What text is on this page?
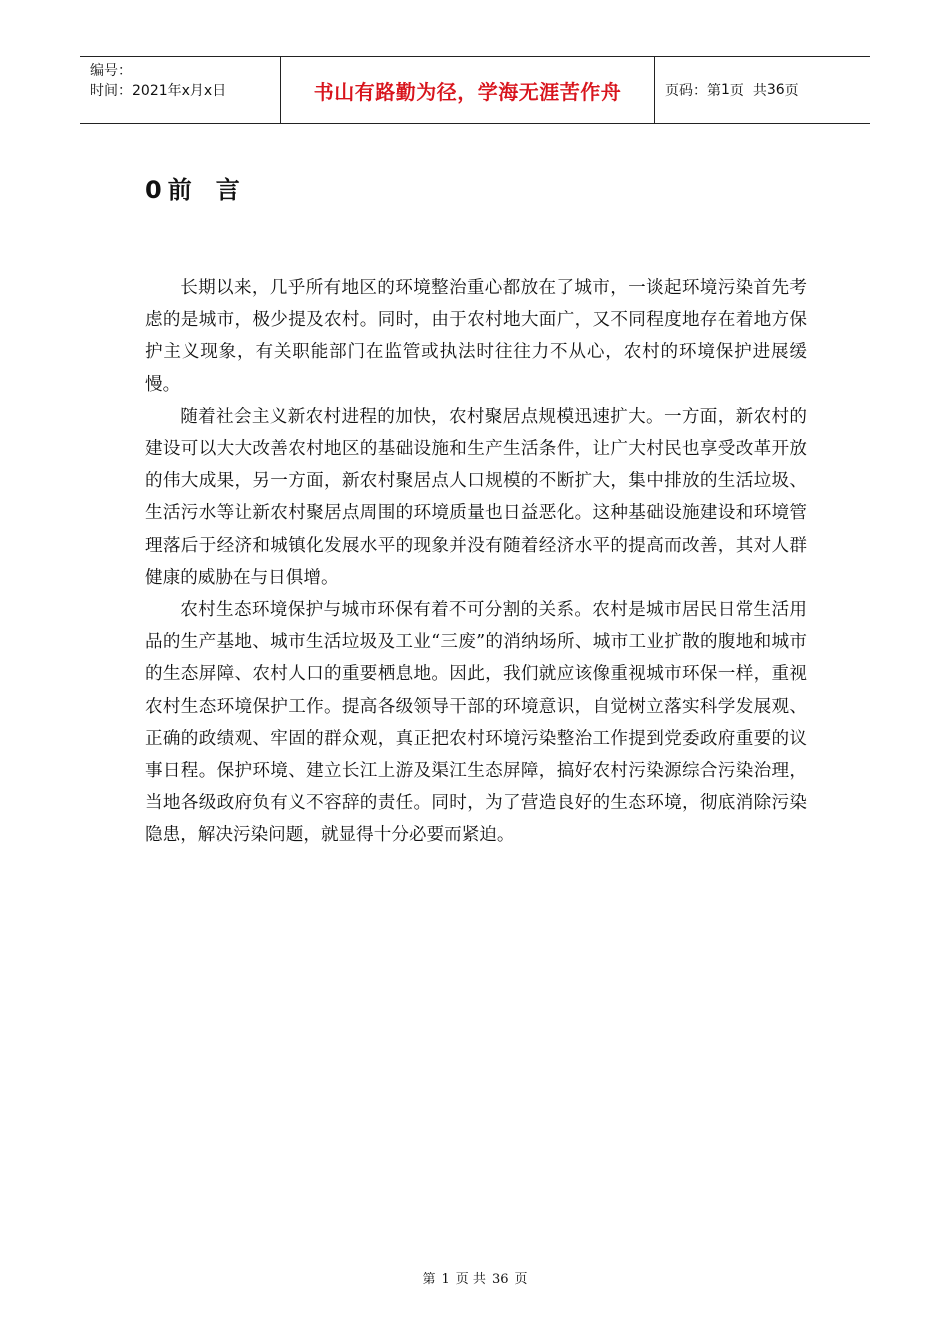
编号：
时间：2021年x月x日	书山有路勤为径，学海无涯苦作舟	页码：第 1 页  共 36 页
0 前 言

长期以来，几乎所有地区的环境整治重心都放在了城市，一谈起环境污染首先考虑的是城市，极少提及农村。同时，由于农村地大面广，又不同程度地存在着地方保护主义现象，有关职能部门在监管或执法时往往力不从心，农村的环境保护进展缓慢。

随着社会主义新农村进程的加快，农村聚居点规模迅速扩大。一方面，新农村的建设可以大大改善农村地区的基础设施和生产生活条件，让广大村民也享受改革开放的伟大成果，另一方面，新农村聚居点人口规模的不断扩大，集中排放的生活垃圾、生活污水等让新农村聚居点周围的环境质量也日益恶化。这种基础设施建设和环境管理落后于经济和城镇化发展水平的现象并没有随着经济水平的提高而改善，其对人群健康的威胁在与日俱增。

农村生态环境保护与城市环保有着不可分割的关系。农村是城市居民日常生活用品的生产基地、城市生活垃圾及工业“三废”的消纳场所、城市工业扩散的腹地和城市的生态屏障、农村人口的重要栖息地。因此，我们就应该像重视城市环保一样，重视农村生态环境保护工作。提高各级领导干部的环境意识，自觉树立落实科学发展观、正确的政绩观、牢固的群众观，真正把农村环境污染整治工作提到党委政府重要的议事日程。保护环境、建立长江上游及渠江生态屏障，搞好农村污染源综合污染治理，当地各级政府负有义不容辞的责任。同时，为了营造良好的生态环境，彻底消除污染隐患，解决污染问题，就显得十分必要而紧迫。

第 1 页 共 36 页
